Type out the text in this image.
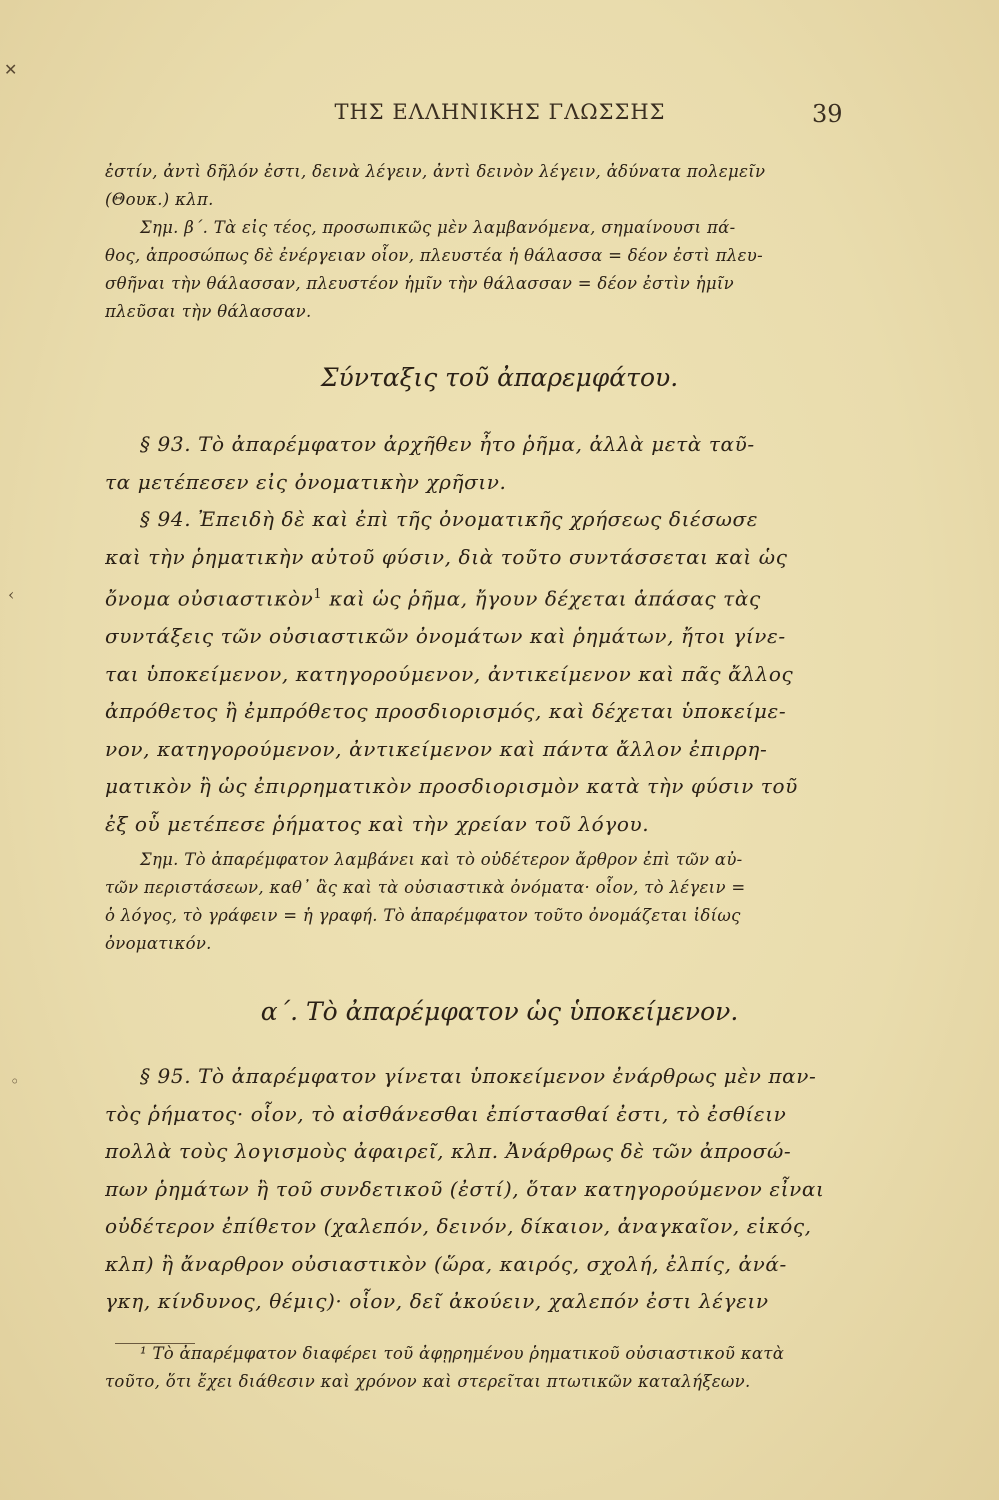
ΤΗΣ ΕΛΛΗΝΙΚΗΣ ΓΛΩΣΣΗΣ	39
ἐστίν, ἀντὶ δῆλόν ἐστι, δεινὰ λέγειν, ἀντὶ δεινὸν λέγειν, ἀδύνατα πολεμεῖν
(Θουκ.) κλπ.
Σημ. β΄. Τὰ εἰς τέος, προσωπικῶς μὲν λαμβανόμενα, σημαίνουσι πά-
θος, ἀπροσώπως δὲ ἐνέργειαν οἷον, πλευστέα ἡ θάλασσα = δέον ἐστὶ πλευ-
σθῆναι τὴν θάλασσαν, πλευστέον ἡμῖν τὴν θάλασσαν = δέον ἐστὶν ἡμῖν
πλεῦσαι τὴν θάλασσαν.
Σύνταξις τοῦ ἀπαρεμφάτου.
§ 93. Τὸ ἀπαρέμφατον ἀρχῆθεν ἦτο ῥῆμα, ἀλλὰ μετὰ ταῦ-
τα μετέπεσεν εἰς ὀνοματικὴν χρῆσιν.
§ 94. Ἐπειδὴ δὲ καὶ ἐπὶ τῆς ὀνοματικῆς χρήσεως διέσωσε
καὶ τὴν ῥηματικὴν αὐτοῦ φύσιν, διὰ τοῦτο συντάσσεται καὶ ὡς
ὄνομα οὐσιαστικὸν$^1$ καὶ ὡς ῥῆμα, ἤγουν δέχεται ἁπάσας τὰς
συντάξεις τῶν οὐσιαστικῶν ὀνομάτων καὶ ῥημάτων, ἤτοι γίνε-
ται ὑποκείμενον, κατηγορούμενον, ἀντικείμενον καὶ πᾶς ἄλλος
ἀπρόθετος ἢ ἐμπρόθετος προσδιορισμός, καὶ δέχεται ὑποκείμε-
νον, κατηγορούμενον, ἀντικείμενον καὶ πάντα ἄλλον ἐπιρρη-
ματικὸν ἢ ὡς ἐπιρρηματικὸν προσδιορισμὸν κατὰ τὴν φύσιν τοῦ
ἐξ οὗ μετέπεσε ῥήματος καὶ τὴν χρείαν τοῦ λόγου.
Σημ. Τὸ ἀπαρέμφατον λαμβάνει καὶ τὸ οὐδέτερον ἄρθρον ἐπὶ τῶν αὐ-
τῶν περιστάσεων, καθ᾽ ἃς καὶ τὰ οὐσιαστικὰ ὀνόματα· οἷον, τὸ λέγειν =
ὁ λόγος, τὸ γράφειν = ἡ γραφή. Τὸ ἀπαρέμφατον τοῦτο ὀνομάζεται ἰδίως
ὀνοματικόν.
α΄. Τὸ ἀπαρέμφατον ὡς ὑποκείμενον.
§ 95. Τὸ ἀπαρέμφατον γίνεται ὑποκείμενον ἐνάρθρως μὲν παν-
τὸς ῥήματος· οἷον, τὸ αἰσθάνεσθαι ἐπίστασθαί ἐστι, τὸ ἐσθίειν
πολλὰ τοὺς λογισμοὺς ἀφαιρεῖ, κλπ. Ἀνάρθρως δὲ τῶν ἀπροσώ-
πων ῥημάτων ἢ τοῦ συνδετικοῦ (ἐστί), ὅταν κατηγορούμενον εἶναι
οὐδέτερον ἐπίθετον (χαλεπόν, δεινόν, δίκαιον, ἀναγκαῖον, εἰκός,
κλπ) ἢ ἄναρθρον οὐσιαστικὸν (ὥρα, καιρός, σχολή, ἐλπίς, ἀνά-
γκη, κίνδυνος, θέμις)· οἷον, δεῖ ἀκούειν, χαλεπόν ἐστι λέγειν
¹ Τὸ ἀπαρέμφατον διαφέρει τοῦ ἀφῃρημένου ῥηματικοῦ οὐσιαστικοῦ κατὰ
τοῦτο, ὅτι ἔχει διάθεσιν καὶ χρόνον καὶ στερεῖται πτωτικῶν καταλήξεων.
✕
‹
◦
